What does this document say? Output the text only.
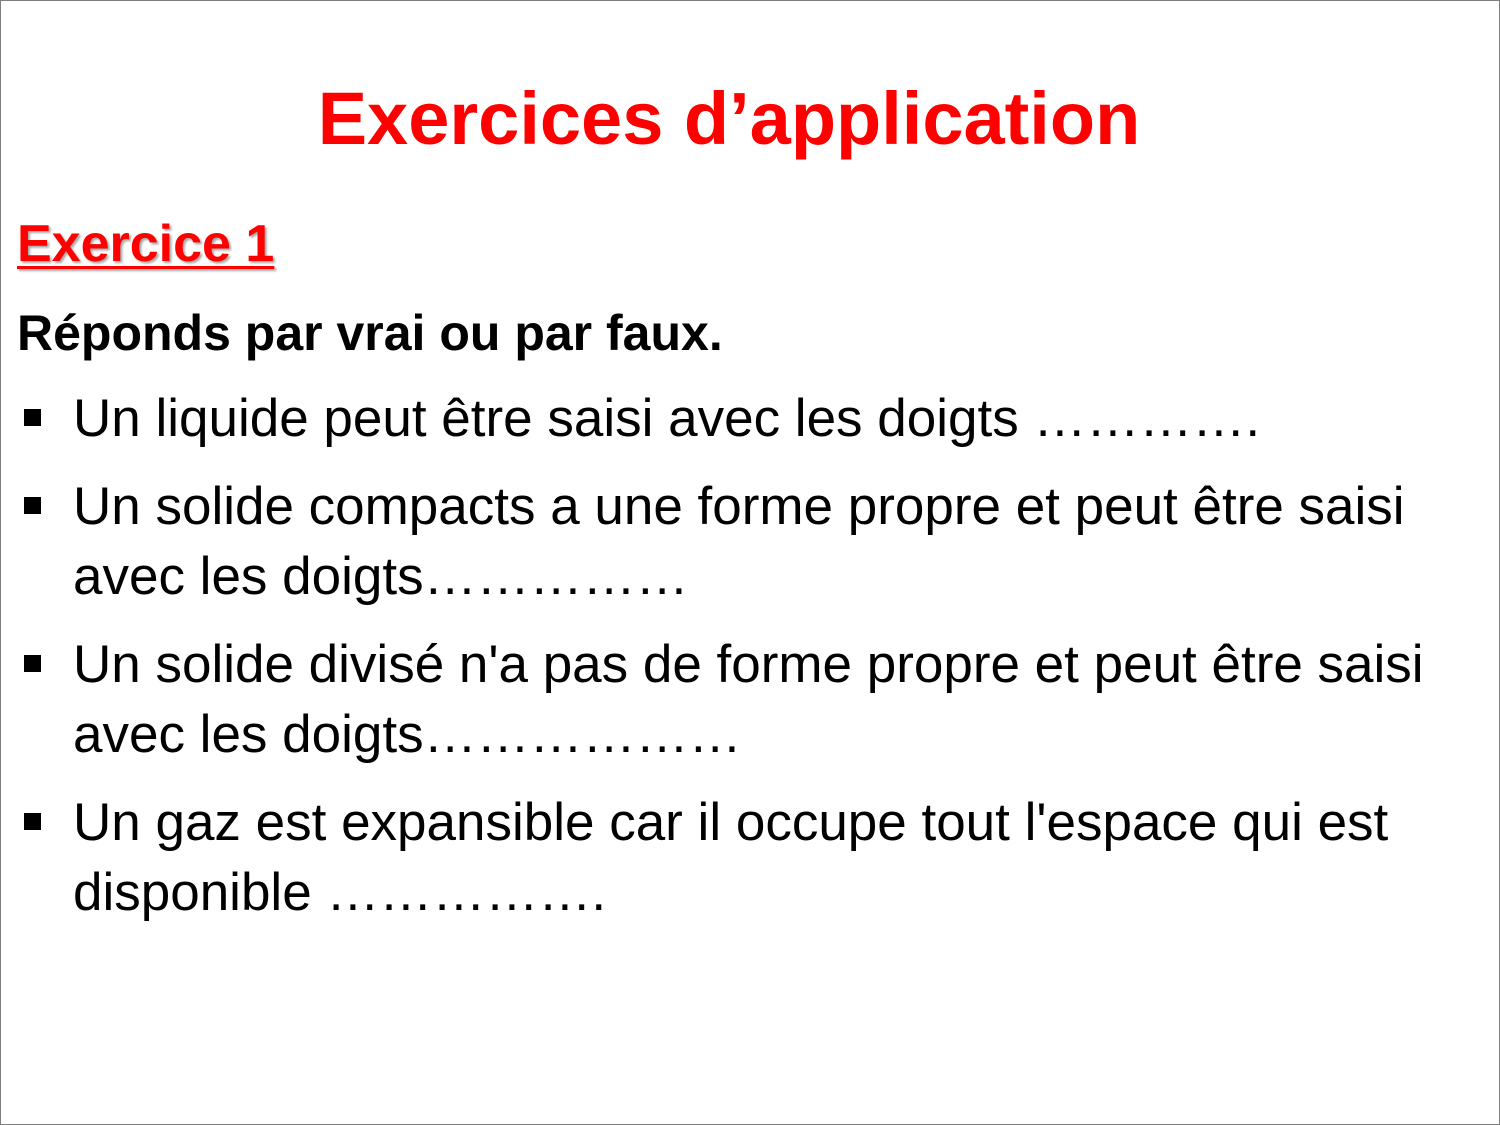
Exercices d’application
Exercice 1
Réponds par vrai ou par faux.
Un liquide peut être saisi avec les doigts ………….
Un solide compacts a une forme propre et peut être saisi avec les doigts……………
Un solide divisé n'a pas de forme propre et peut être saisi avec les doigts………………
Un gaz est expansible car il occupe tout l'espace qui est disponible …………….
